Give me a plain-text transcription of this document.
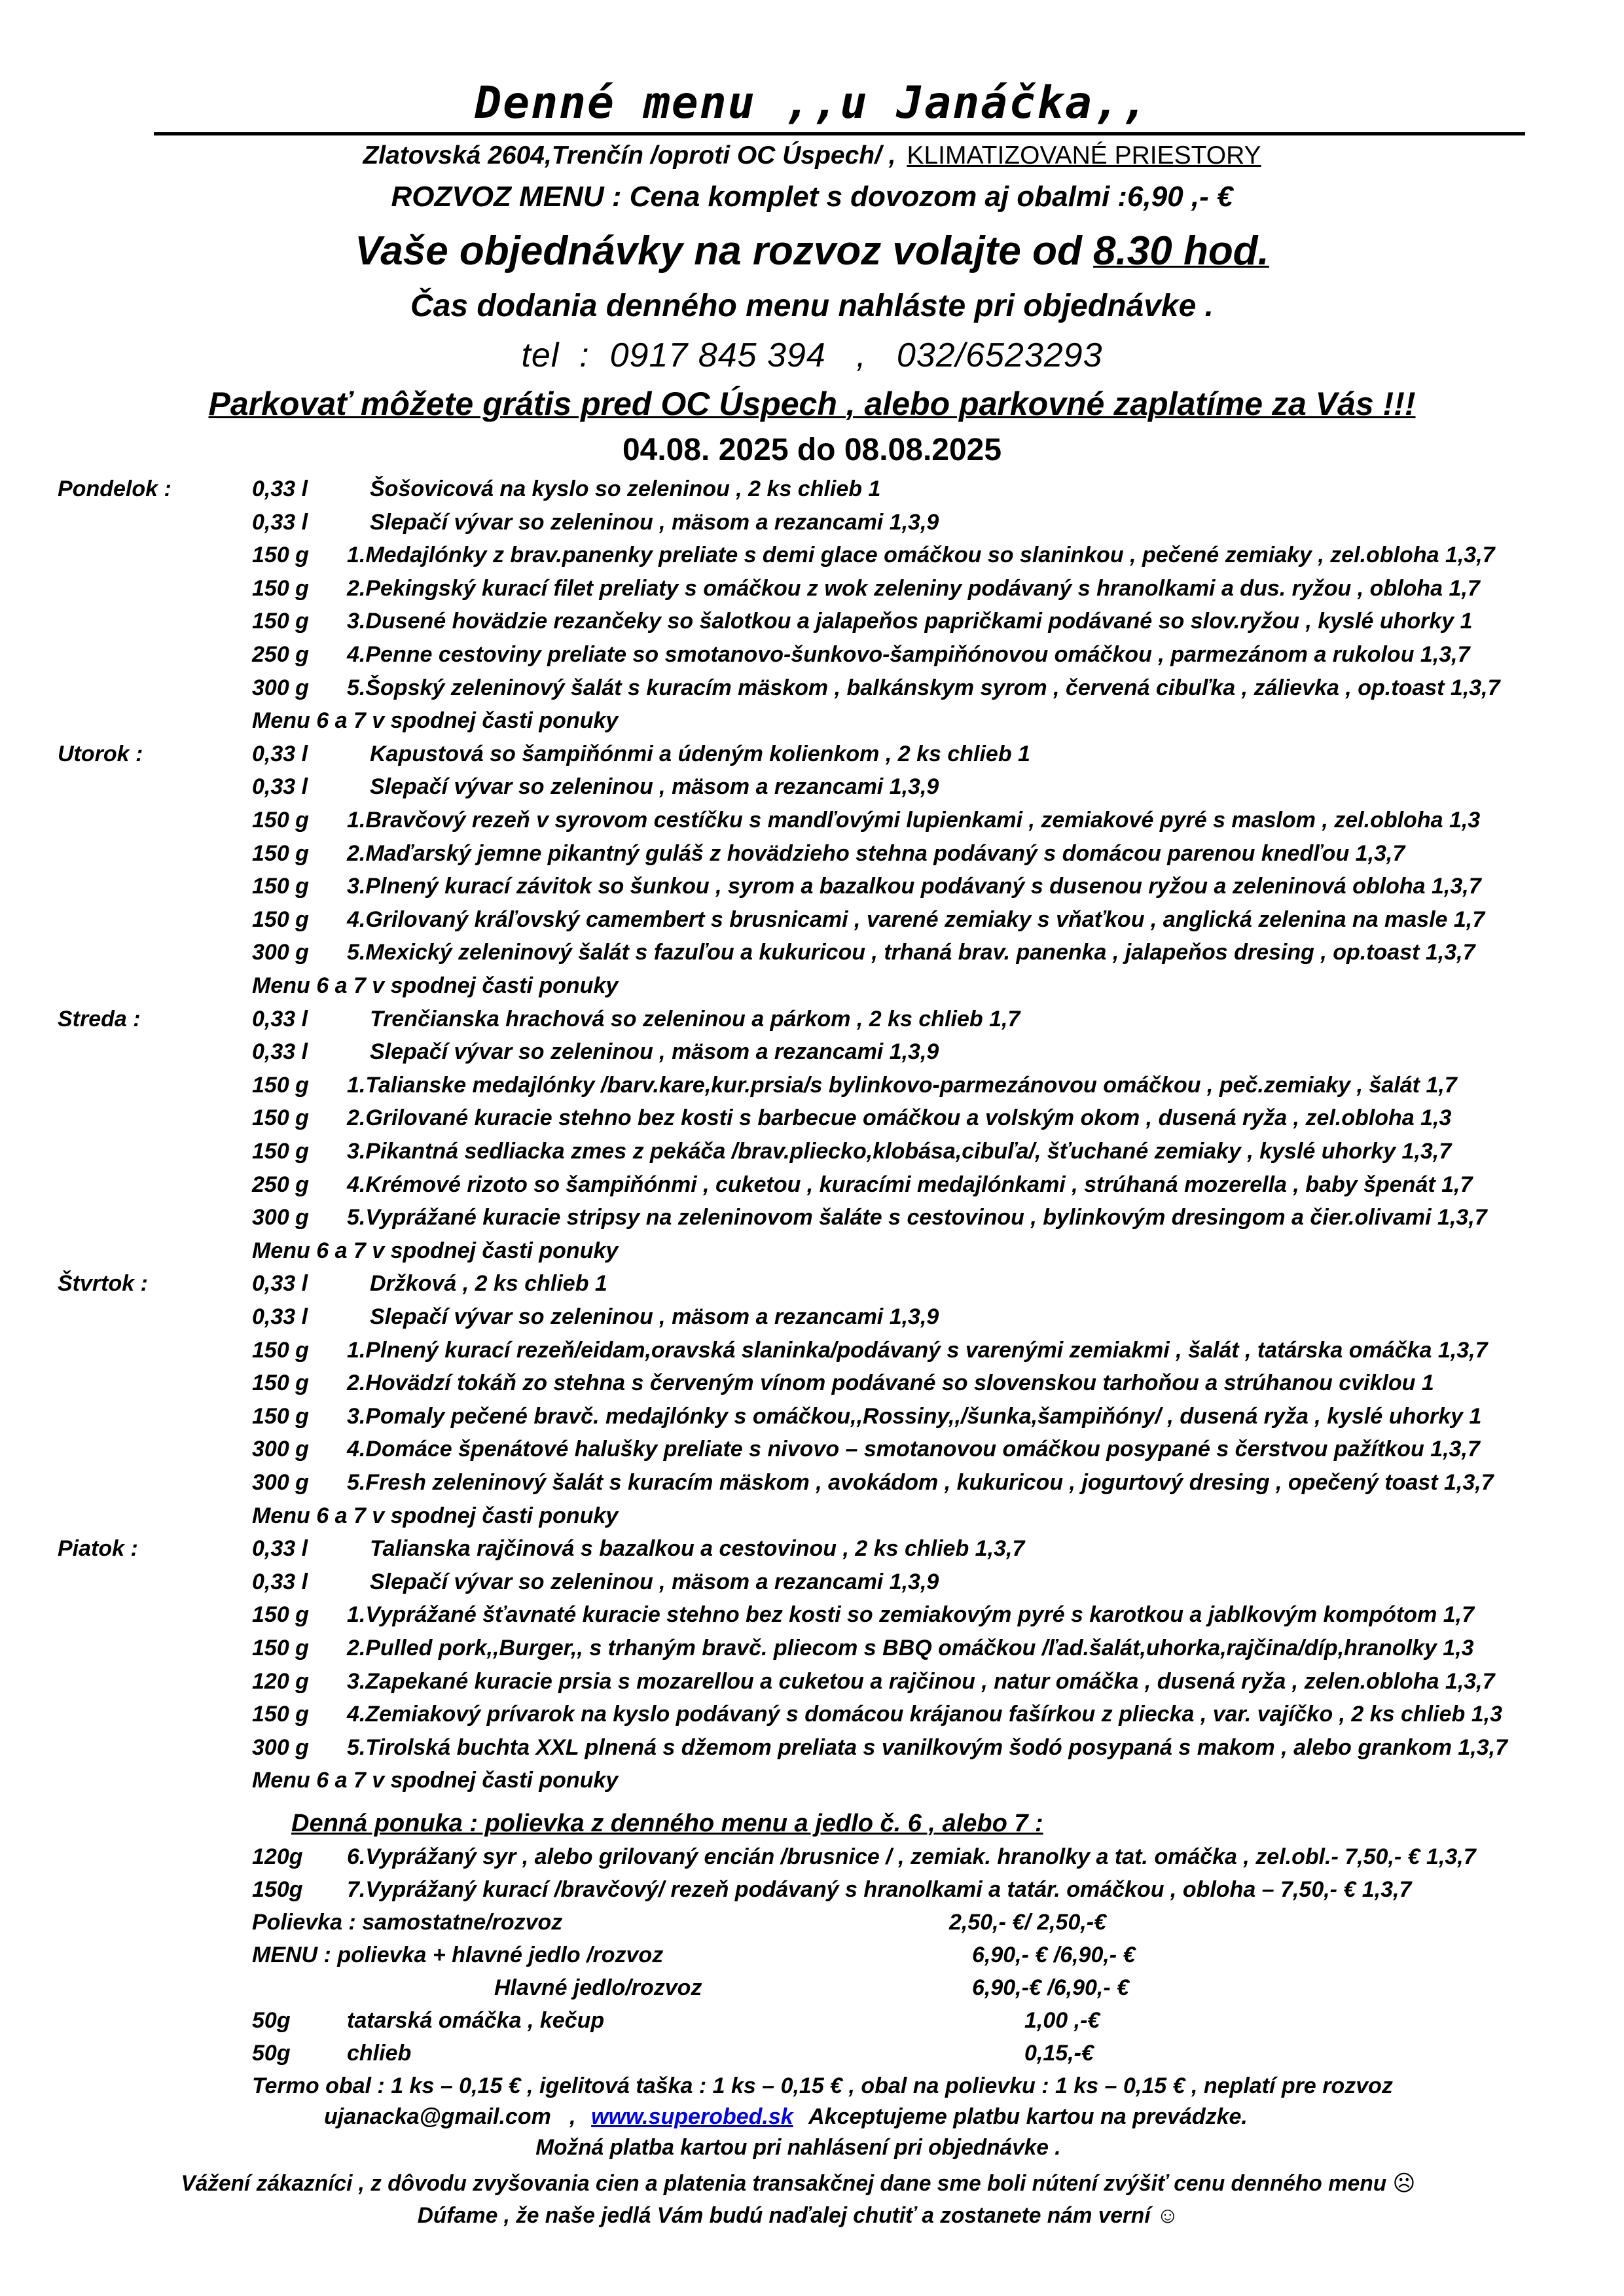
Denné menu ,,u Janáčka,,
Zlatovská 2604,Trenčín /oproti OC Úspech/ , KLIMATIZOVANÉ PRIESTORY
ROZVOZ MENU : Cena komplet s dovozom aj obalmi :6,90 ,- €
Vaše objednávky na rozvoz volajte od 8.30 hod.
Čas dodania denného menu nahláste pri objednávke .
tel  :  0917 845 394   ,   032/6523293
Parkovať môžete grátis pred OC Úspech , alebo parkovné zaplatíme za Vás !!!
04.08. 2025 do 08.08.2025
Pondelok :	0,33 l	Šošovicová na kyslo so zeleninou , 2 ks chlieb 1
0,33 l	Slepačí vývar so zeleninou , mäsom a rezancami 1,3,9
150 g 1.Medajlónky z brav.panenky preliate s demi glace omáčkou so slaninkou , pečené zemiaky , zel.obloha 1,3,7
150 g 2.Pekingský kurací filet preliaty s omáčkou z wok zeleniny podávaný s hranolkami a dus. ryžou , obloha 1,7
150 g 3.Dusené hovädzie rezančeky so šalotkou a jalapeňos papričkami podávané so slov.ryžou , kyslé uhorky 1
250 g 4.Penne cestoviny preliate so smotanovo-šunkovo-šampiňónovou omáčkou , parmezánom a rukolou 1,3,7
300 g 5.Šopský zeleninový šalát s kuracím mäskom , balkánskym syrom , červená cibuľka , zálievka , op.toast 1,3,7
Menu 6 a 7 v spodnej časti ponuky
Utorok :	0,33 l	Kapustová so šampiňónmi a údeným kolienkom , 2 ks chlieb 1
0,33 l	Slepačí vývar so zeleninou , mäsom a rezancami 1,3,9
150 g 1.Bravčový rezeň v syrovom cestíčku s mandľovými lupienkami , zemiakové pyré s maslom , zel.obloha 1,3
150 g 2.Maďarský jemne pikantný guláš z hovädzieho stehna podávaný s domácou parenou knedľou 1,3,7
150 g 3.Plnený kurací závitok so šunkou , syrom a bazalkou podávaný s dusenou ryžou a zeleninová obloha 1,3,7
150 g 4.Grilovaný kráľovský camembert s brusnicami , varené zemiaky s vňaťkou , anglická zelenina na masle 1,7
300 g 5.Mexický zeleninový šalát s fazuľou a kukuricou , trhaná brav. panenka , jalapeňos dresing , op.toast 1,3,7
Menu 6 a 7 v spodnej časti ponuky
Streda :	0,33 l	Trenčianska hrachová so zeleninou a párkom , 2 ks chlieb 1,7
0,33 l	Slepačí vývar so zeleninou , mäsom a rezancami 1,3,9
150 g 1.Talianske medajlónky /barv.kare,kur.prsia/s bylinkovo-parmezánovou omáčkou , peč.zemiaky , šalát 1,7
150 g 2.Grilované kuracie stehno bez kosti s barbecue omáčkou a volským okom , dusená ryža , zel.obloha 1,3
150 g 3.Pikantná sedliacka zmes z pekáča /brav.pliecko,klobása,cibuľa/, šťuchané zemiaky , kyslé uhorky 1,3,7
250 g 4.Krémové rizoto so šampiňónmi , cuketou , kuracími medajlónkami , strúhaná mozerella , baby špenát 1,7
300 g 5.Vyprážané kuracie stripsy na zeleninovom šaláte s cestovinou , bylinkovým dresingom a čier.olivami 1,3,7
Menu 6 a 7 v spodnej časti ponuky
Štvrtok :	0,33 l	Držková , 2 ks chlieb 1
0,33 l	Slepačí vývar so zeleninou , mäsom a rezancami 1,3,9
150 g 1.Plnený kurací rezeň/eidam,oravská slaninka/podávaný s varenými zemiakmi , šalát , tatárska omáčka 1,3,7
150 g 2.Hovädzí tokáň zo stehna s červeným vínom podávané so slovenskou tarhoňou a strúhanou cviklou 1
150 g 3.Pomaly pečené bravč. medajlónky s omáčkou,,Rossiny,,/šunka,šampiňóny/ , dusená ryža , kyslé uhorky 1
300 g 4.Domáce špenátové halušky preliate s nivovo – smotanovou omáčkou posypané s čerstvou pažítkou 1,3,7
300 g 5.Fresh zeleninový šalát s kuracím mäskom , avokádom , kukuricou , jogurtový dresing , opečený toast 1,3,7
Menu 6 a 7 v spodnej časti ponuky
Piatok :	0,33 l	Talianska rajčinová s bazalkou a cestovinou , 2 ks chlieb 1,3,7
0,33 l	Slepačí vývar so zeleninou , mäsom a rezancami 1,3,9
150 g 1.Vyprážané šťavnaté kuracie stehno bez kosti so zemiakovým pyré s karotkou a jablkovým kompótom 1,7
150 g 2.Pulled pork,,Burger,, s trhaným bravč. pliecom s BBQ omáčkou /ľad.šalát,uhorka,rajčina/díp,hranolky 1,3
120 g 3.Zapekané kuracie prsia s mozarellou a cuketou a rajčinou , natur omáčka , dusená ryža , zelen.obloha 1,3,7
150 g 4.Zemiakový prívarok na kyslo podávaný s domácou krájanou fašírkou z pliecka , var. vajíčko , 2 ks chlieb 1,3
300 g 5.Tirolská buchta XXL plnená s džemom preliata s vanilkovým šodó posypaná s makom , alebo grankom 1,3,7
Menu 6 a 7 v spodnej časti ponuky
Denná ponuka : polievka z denného menu a jedlo č. 6 , alebo 7 :
120g 6.Vyprážaný syr , alebo grilovaný encián /brusnice / , zemiak. hranolky a tat. omáčka , zel.obl.- 7,50,- € 1,3,7
150g 7.Vyprážaný kurací /bravčový/ rezeň podávaný s hranolkami a tatár. omáčkou , obloha – 7,50,- € 1,3,7
Polievka : samostatne/rozvoz	2,50,- €/ 2,50,-€
MENU : polievka + hlavné jedlo /rozvoz	6,90,- € /6,90,- €
Hlavné jedlo/rozvoz	6,90,-€ /6,90,- €
50g	tatarská omáčka , kečup	1,00 ,-€
50g	chlieb	0,15,-€
Termo obal : 1 ks – 0,15 € , igelitová taška : 1 ks – 0,15 € , obal na polievku : 1 ks – 0,15 € , neplatí pre rozvoz
ujanacka@gmail.com   , www.superobed.sk Akceptujeme platbu kartou na prevádzke.
Možná platba kartou pri nahlásení pri objednávke .
Vážení zákazníci , z dôvodu zvyšovania cien a platenia transakčnej dane sme boli nútení zvýšiť cenu denného menu ☹
Dúfame , že naše jedlá Vám budú naďalej chutiť a zostanete nám verní ☺
